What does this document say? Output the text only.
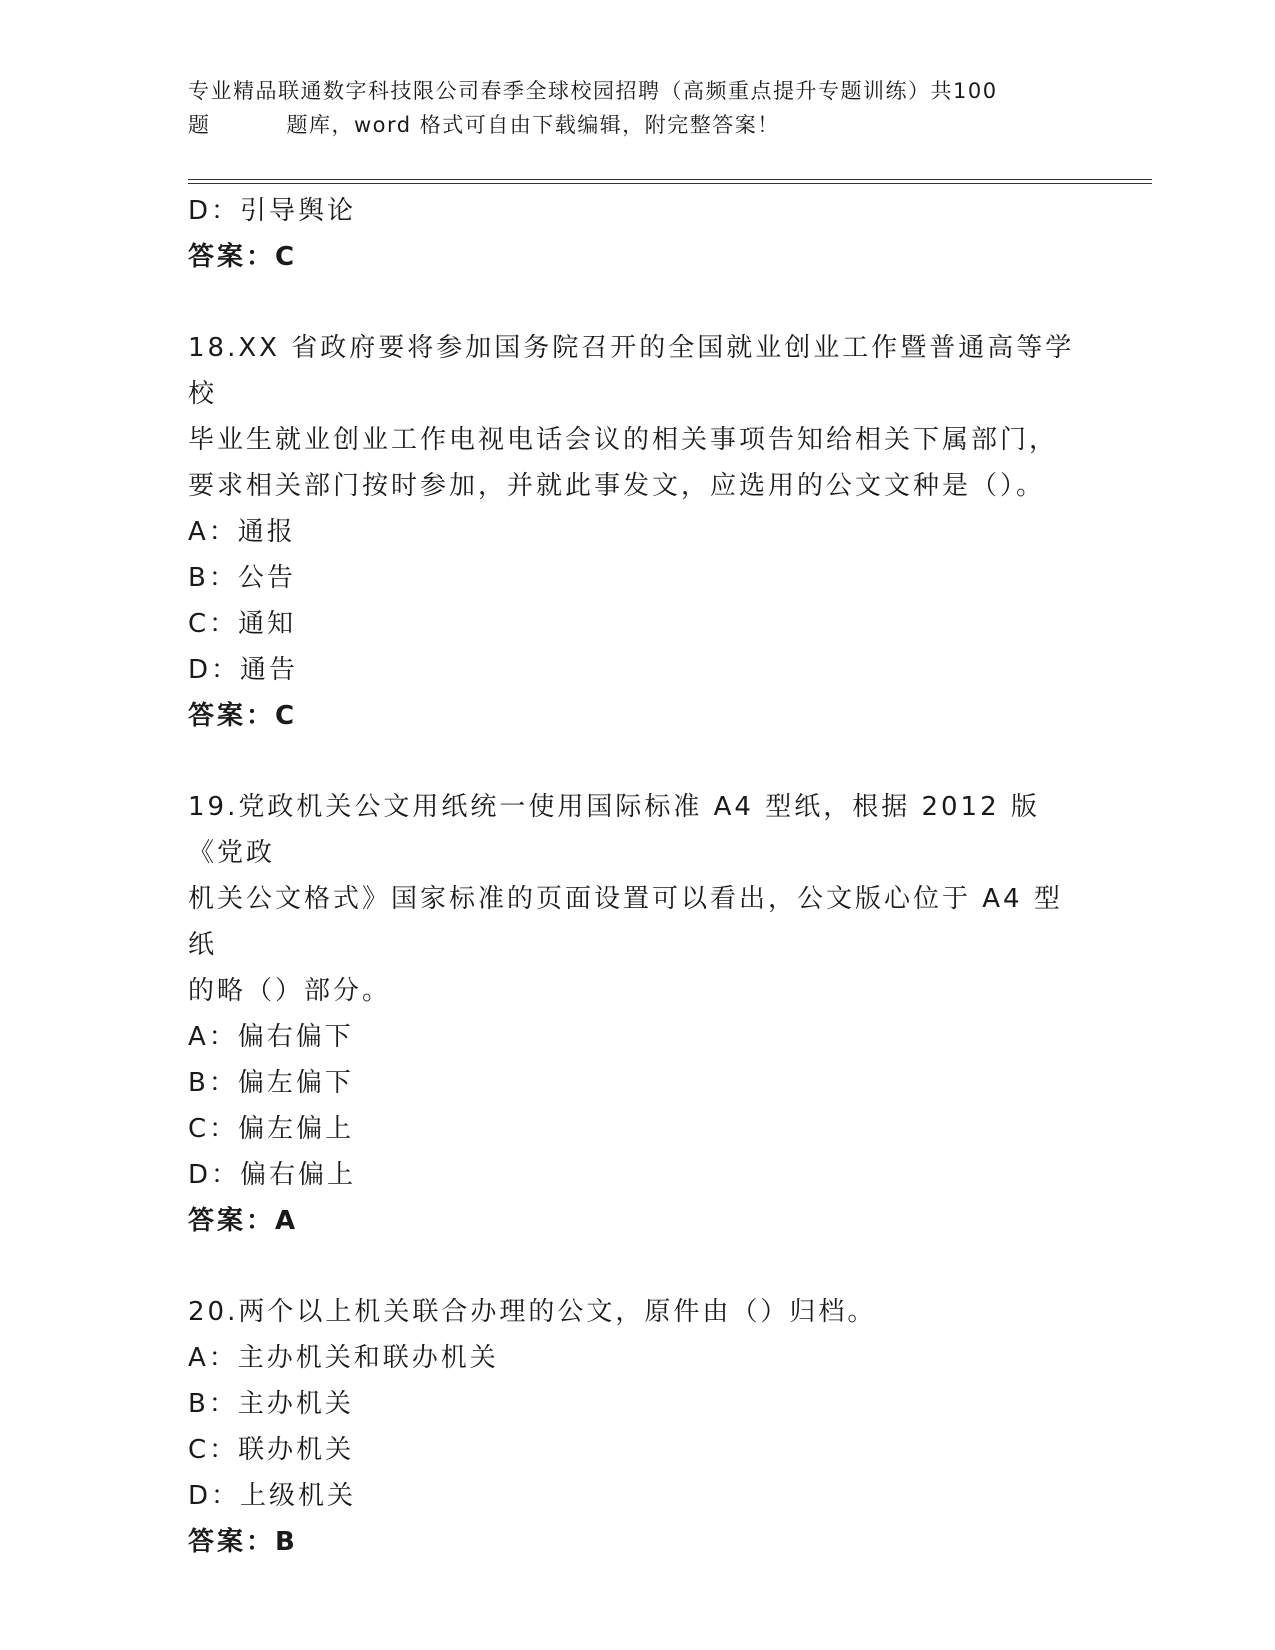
专业精品联通数字科技限公司春季全球校园招聘（高频重点提升专题训练）共100
题	题库，word 格式可自由下载编辑，附完整答案！
D：引导舆论
答案：C
18.XX 省政府要将参加国务院召开的全国就业创业工作暨普通高等学校
毕业生就业创业工作电视电话会议的相关事项告知给相关下属部门，
要求相关部门按时参加，并就此事发文，应选用的公文文种是（）。
A：通报
B：公告
C：通知
D：通告
答案：C
19.党政机关公文用纸统一使用国际标准 A4 型纸，根据 2012 版《党政
机关公文格式》国家标准的页面设置可以看出，公文版心位于 A4 型纸
的略（）部分。
A：偏右偏下
B：偏左偏下
C：偏左偏上
D：偏右偏上
答案：A
20.两个以上机关联合办理的公文，原件由（）归档。
A：主办机关和联办机关
B：主办机关
C：联办机关
D：上级机关
答案：B
